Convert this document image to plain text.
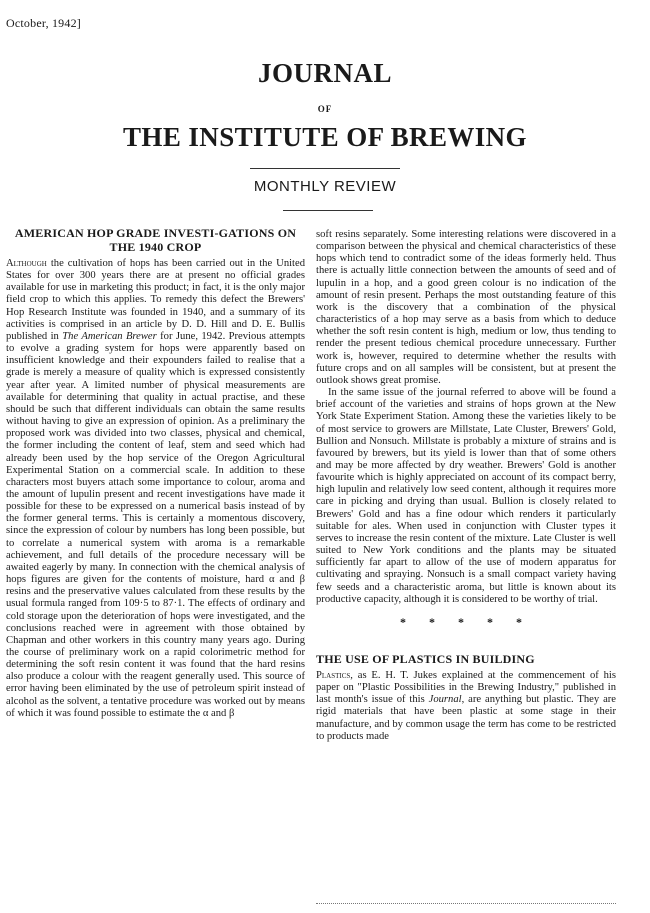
October, 1942]
JOURNAL
OF
THE INSTITUTE OF BREWING
MONTHLY REVIEW
AMERICAN HOP GRADE INVESTI-GATIONS ON THE 1940 CROP

Although the cultivation of hops has been carried out in the United States for over 300 years there are at present no official grades available for use in marketing this product; in fact, it is the only major field crop to which this applies. To remedy this defect the Brewers' Hop Research Institute was founded in 1940, and a summary of its activities is comprised in an article by D. D. Hill and D. E. Bullis published in The American Brewer for June, 1942. Previous attempts to evolve a grading system for hops were apparently based on insufficient knowledge and their expounders failed to realise that a grade is merely a measure of quality which is expressed consistently year after year. A limited number of physical measurements are available for determining that quality in actual practise, and these should be such that different individuals can obtain the same results without having to give an expression of opinion. As a preliminary the proposed work was divided into two classes, physical and chemical, the former including the content of leaf, stem and seed which had already been used by the hop service of the Oregon Agricultural Experimental Station on a commercial scale. In addition to these characters most buyers attach some importance to colour, aroma and the amount of lupulin present and recent investigations have made it possible for these to be expressed on a numerical basis instead of by the former general terms. This is certainly a momentous discovery, since the expression of colour by numbers has long been possible, but to correlate a numerical system with aroma is a remarkable achievement, and full details of the procedure necessary will be awaited eagerly by many. In connection with the chemical analysis of hops figures are given for the contents of moisture, hard α and β resins and the preservative values calculated from these results by the usual formula ranged from 109·5 to 87·1. The effects of ordinary and cold storage upon the deterioration of hops were investigated, and the conclusions reached were in agreement with those obtained by Chapman and other workers in this country many years ago. During the course of preliminary work on a rapid colorimetric method for determining the soft resin content it was found that the hard resins also produce a colour with the reagent generally used. This source of error having been eliminated by the use of petroleum spirit instead of alcohol as the solvent, a tentative procedure was worked out by means of which it was found possible to estimate the α and β

soft resins separately. Some interesting relations were discovered in a comparison between the physical and chemical characteristics of these hops which tend to contradict some of the ideas formerly held. Thus there is actually little connection between the amounts of seed and of lupulin in a hop, and a good green colour is no indication of the amount of resin present. Perhaps the most outstanding feature of this work is the discovery that a combination of the physical characteristics of a hop may serve as a basis from which to deduce whether the soft resin content is high, medium or low, thus tending to render the present tedious chemical procedure unnecessary. Further work is, however, required to determine whether the results with future crops and on all samples will be consistent, but at present the outlook shows great promise.

In the same issue of the journal referred to above will be found a brief account of the varieties and strains of hops grown at the New York State Experiment Station. Among these the varieties likely to be of most service to growers are Millstate, Late Cluster, Brewers' Gold, Bullion and Nonsuch. Millstate is probably a mixture of strains and is favoured by brewers, but its yield is lower than that of some others and may be more affected by dry weather. Brewers' Gold is another favourite which is highly appreciated on account of its compact berry, high lupulin and relatively low seed content, although it requires more care in picking and drying than usual. Bullion is closely related to Brewers' Gold and has a fine odour which renders it particularly suitable for ales. When used in conjunction with Cluster types it serves to increase the resin content of the mixture. Late Cluster is well suited to New York conditions and the plants may be situated sufficiently far apart to allow of the use of modern apparatus for cultivating and spraying. Nonsuch is a small compact variety having few seeds and a characteristic aroma, but little is known about its productive capacity, although it is considered to be worthy of trial.

* * * * *
THE USE OF PLASTICS IN BUILDING

Plastics, as E. H. T. Jukes explained at the commencement of his paper on "Plastic Possibilities in the Brewing Industry," published in last month's issue of this Journal, are anything but plastic. They are rigid materials that have been plastic at some stage in their manufacture, and by common usage the term has come to be restricted to products made
